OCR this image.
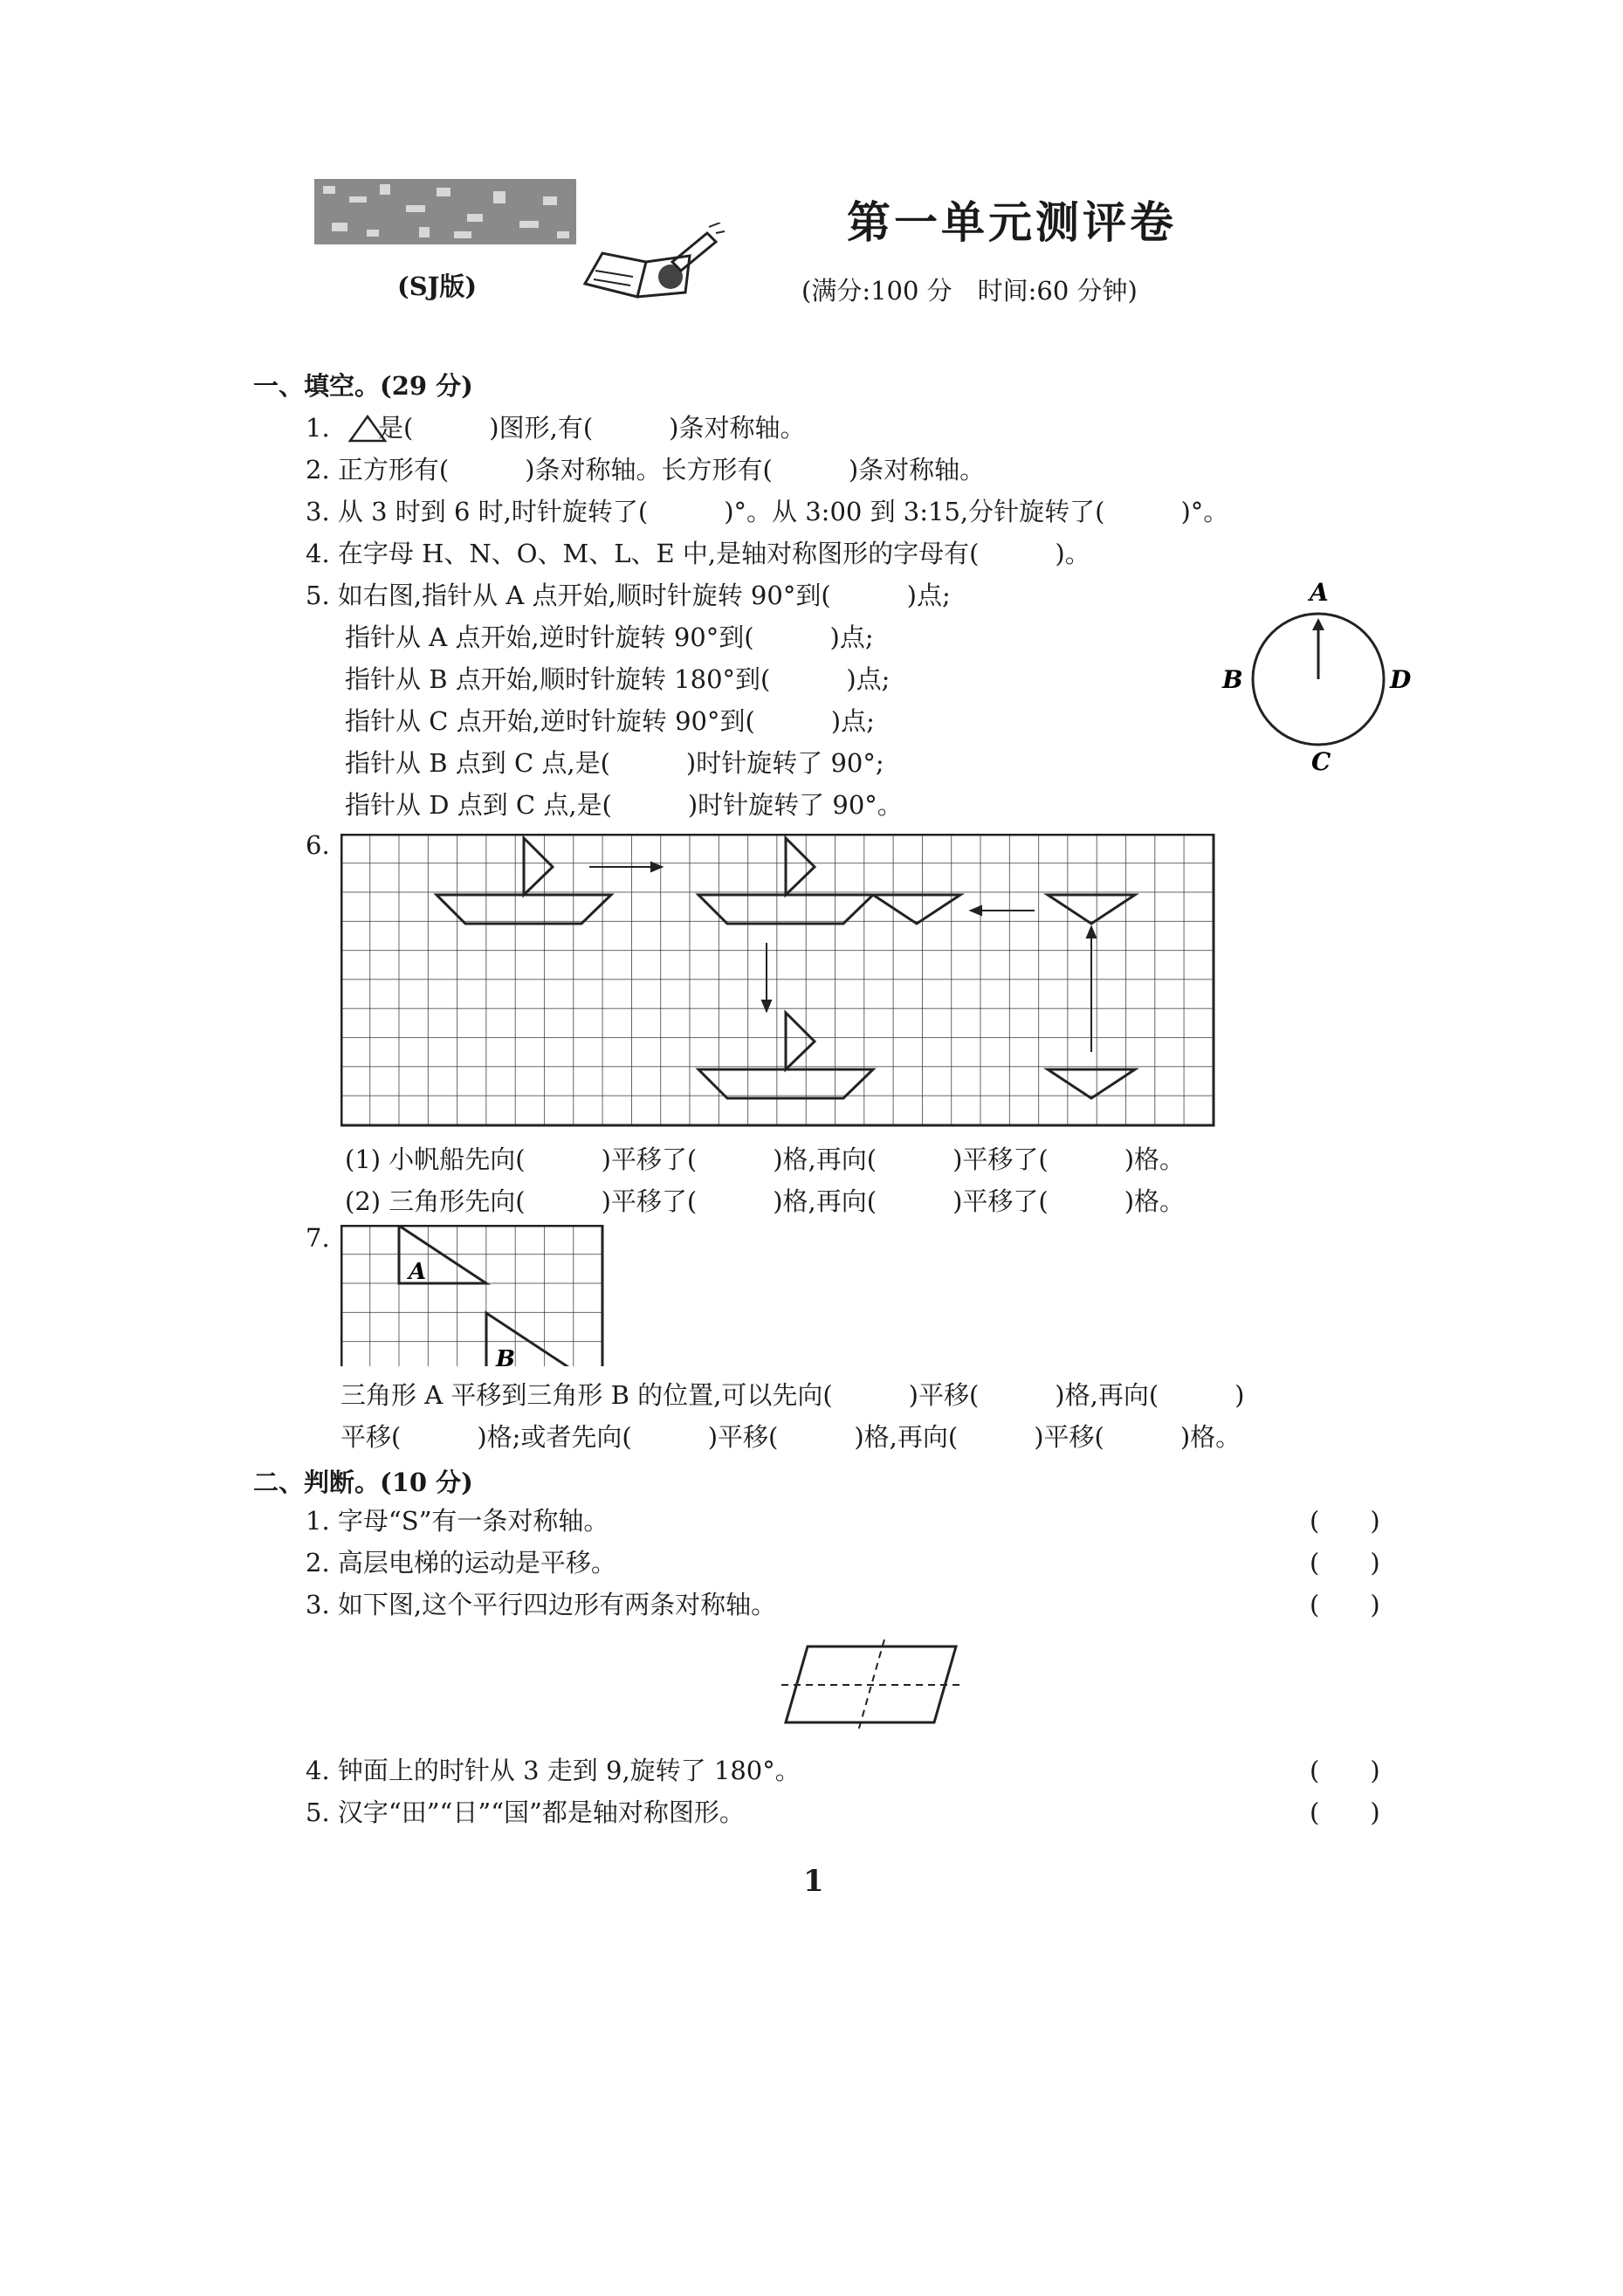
(SJ版)
第一单元测评卷
(满分:100 分　时间:60 分钟)
一、填空。(29 分)
1.      是(　　　)图形,有(　　　)条对称轴。
2. 正方形有(　　　)条对称轴。长方形有(　　　)条对称轴。
3. 从 3 时到 6 时,时针旋转了(　　　)°。从 3:00 到 3:15,分针旋转了(　　　)°。
4. 在字母 H、N、O、M、L、E 中,是轴对称图形的字母有(　　　)。
5. 如右图,指针从 A 点开始,顺时针旋转 90°到(　　　)点;
指针从 A 点开始,逆时针旋转 90°到(　　　)点;
指针从 B 点开始,顺时针旋转 180°到(　　　)点;
指针从 C 点开始,逆时针旋转 90°到(　　　)点;
指针从 B 点到 C 点,是(　　　)时针旋转了 90°;
指针从 D 点到 C 点,是(　　　)时针旋转了 90°。
A
B
C
D
6.
(1) 小帆船先向(　　　)平移了(　　　)格,再向(　　　)平移了(　　　)格。
(2) 三角形先向(　　　)平移了(　　　)格,再向(　　　)平移了(　　　)格。
7.
A
B
三角形 A 平移到三角形 B 的位置,可以先向(　　　)平移(　　　)格,再向(　　　)
平移(　　　)格;或者先向(　　　)平移(　　　)格,再向(　　　)平移(　　　)格。
二、判断。(10 分)
1. 字母“S”有一条对称轴。	(　　)
2. 高层电梯的运动是平移。	(　　)
3. 如下图,这个平行四边形有两条对称轴。	(　　)
4. 钟面上的时针从 3 走到 9,旋转了 180°。	(　　)
5. 汉字“田”“日”“国”都是轴对称图形。	(　　)
1
